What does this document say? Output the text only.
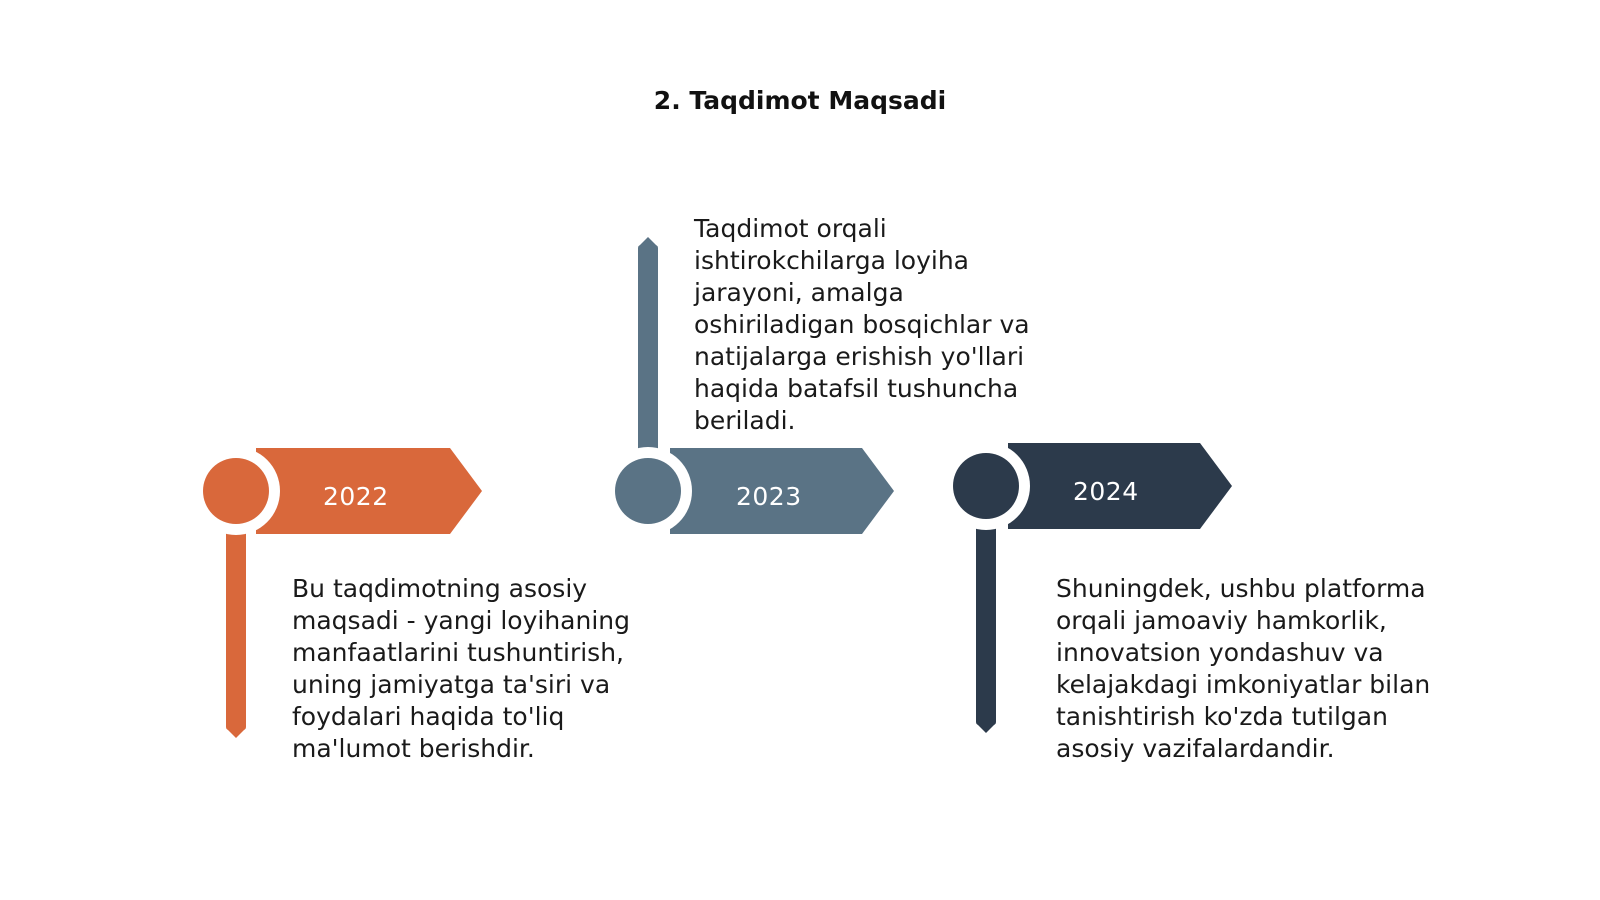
2. Taqdimot Maqsadi
2022	2023	2024

Bu taqdimotning asosiy maqsadi - yangi loyihaning manfaatlarini tushuntirish, uning jamiyatga ta'siri va foydalari haqida to'liq ma'lumot berishdir.

Taqdimot orqali ishtirokchilarga loyiha jarayoni, amalga oshiriladigan bosqichlar va natijalarga erishish yo'llari haqida batafsil tushuncha beriladi.

Shuningdek, ushbu platforma orqali jamoaviy hamkorlik, innovatsion yondashuv va kelajakdagi imkoniyatlar bilan tanishtirish ko'zda tutilgan asosiy vazifalardandir.
